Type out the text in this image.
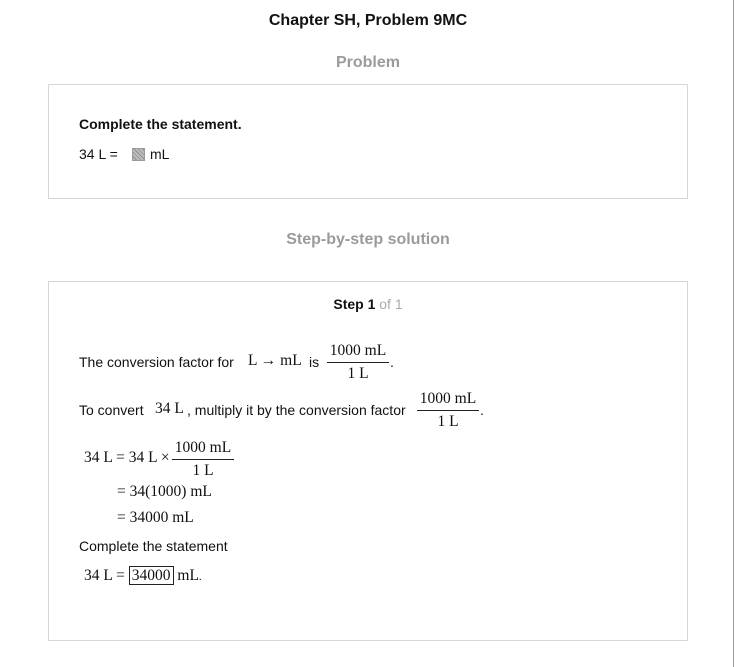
Chapter SH, Problem 9MC
Problem
Complete the statement.
34 L = mL
Step-by-step solution
Step 1 of 1
The conversion factor for L → mL is $\frac{1000 mL}{1 L}$ .
To convert 34 L , multiply it by the conversion factor $\frac{1000 mL}{1 L}$ .
34 L = 34 $L \times \frac{1000 mL}{1 L}$
= 34(1000) mL
= 34000 mL
Complete the statement
34 L = 34000 mL.
